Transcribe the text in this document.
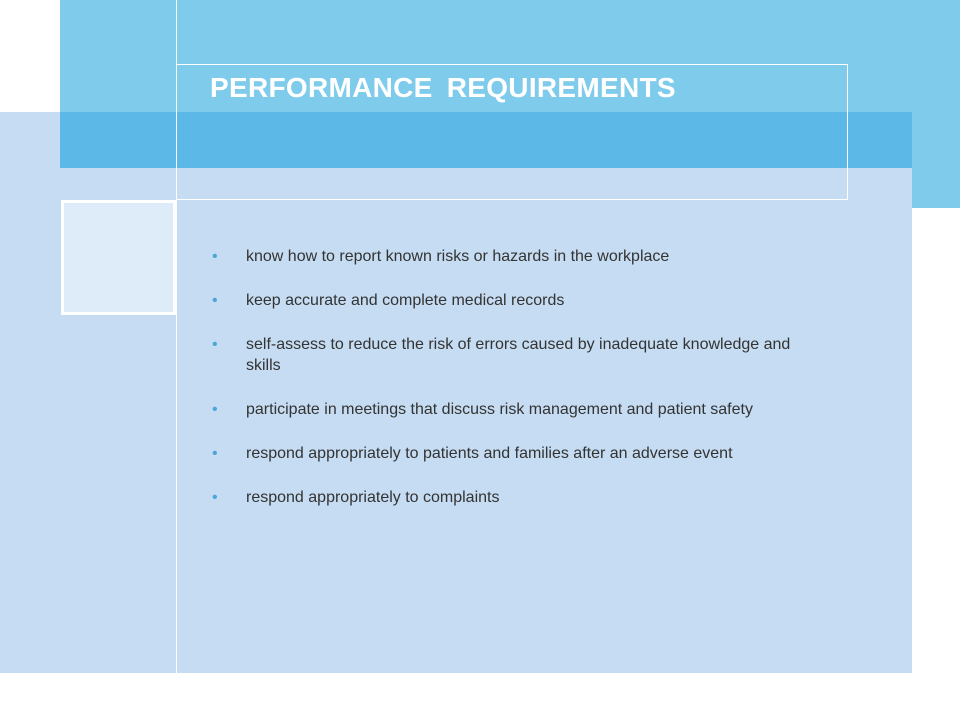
PERFORMANCE REQUIREMENTS
• know how to report known risks or hazards in the workplace
• keep accurate and complete medical records
• self-assess to reduce the risk of errors caused by inadequate knowledge and skills
• participate in meetings that discuss risk management and patient safety
• respond appropriately to patients and families after an adverse event
• respond appropriately to complaints
